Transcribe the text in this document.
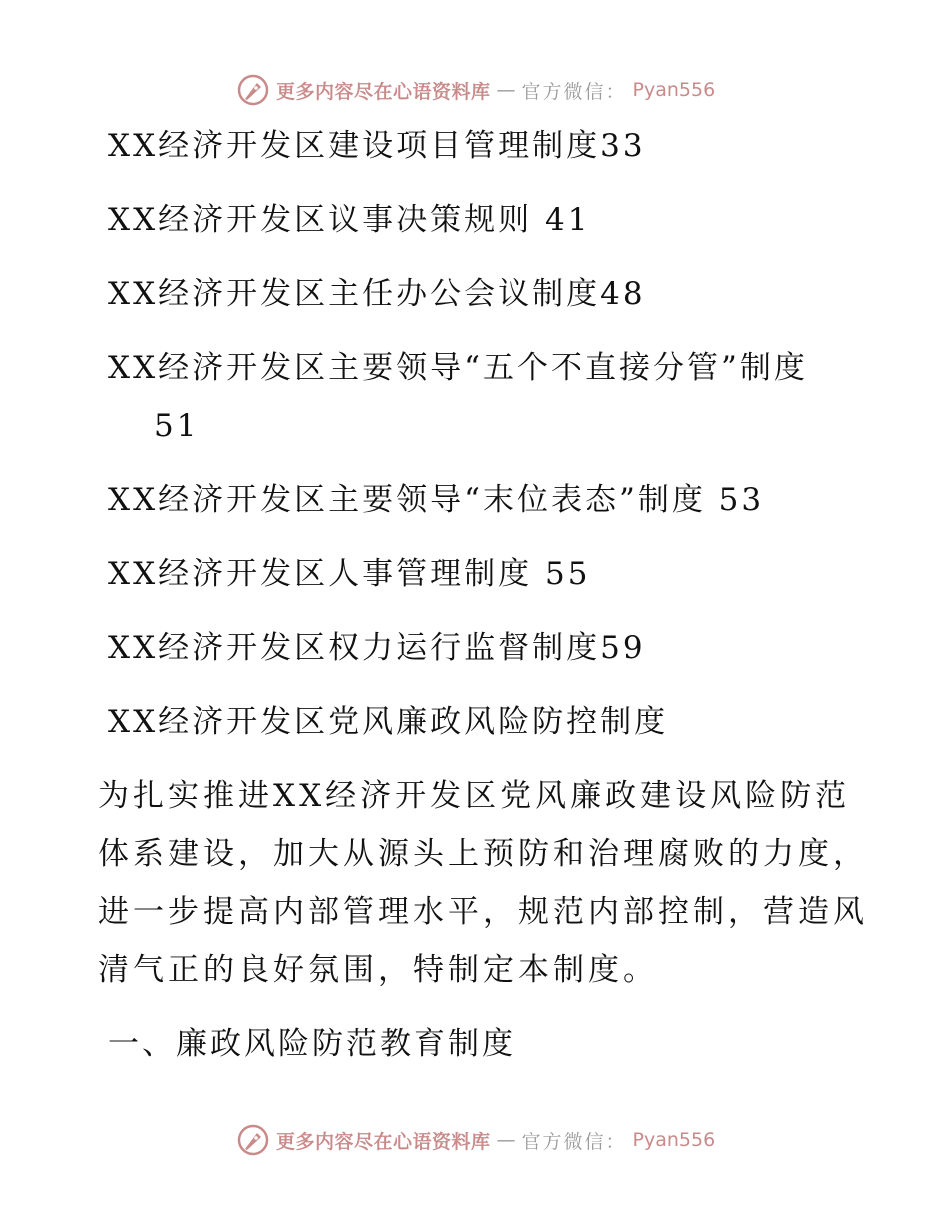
更多内容尽在心语资料库 — 官方微信： Pyan556
XX经济开发区建设项目管理制度33
XX经济开发区议事决策规则 41
XX经济开发区主任办公会议制度48
XX经济开发区主要领导“五个不直接分管”制度
51
XX经济开发区主要领导“末位表态”制度 53
XX经济开发区人事管理制度 55
XX经济开发区权力运行监督制度59
XX经济开发区党风廉政风险防控制度
为扎实推进XX经济开发区党风廉政建设风险防范
体系建设，加大从源头上预防和治理腐败的力度，
进一步提高内部管理水平，规范内部控制，营造风
清气正的良好氛围，特制定本制度。
一、廉政风险防范教育制度
更多内容尽在心语资料库 — 官方微信： Pyan556
